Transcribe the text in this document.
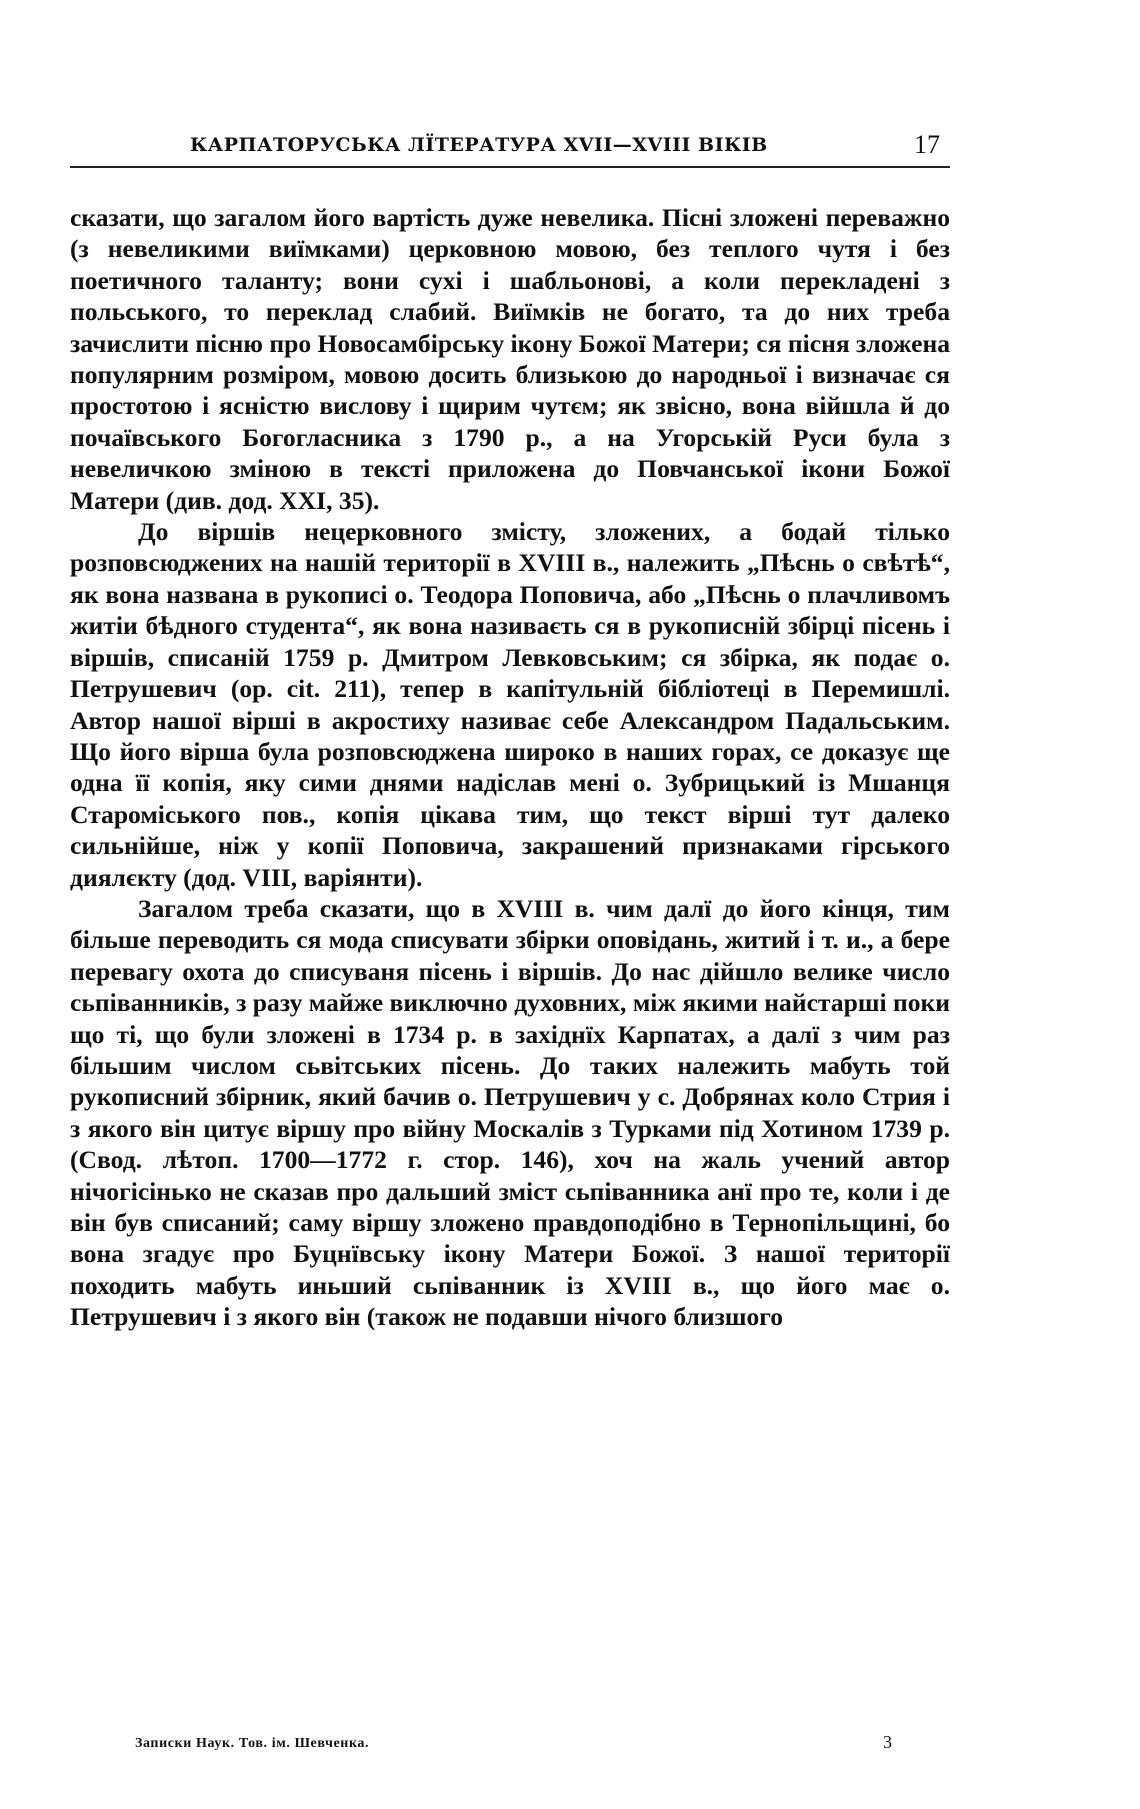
КАРПАТОРУСЬКА ЛЇТЕРАТУРА XVII—XVIII ВІКІВ	17

сказати, що загалом його вартість дуже невелика. Пісні зложені переважно (з невеликими виїмками) церковною мовою, без теплого чутя і без поетичного таланту; вони сухі і шабльонові, а коли перекладені з польського, то переклад слабий. Виїмків не богато, та до них треба зачислити пісню про Новосамбірську ікону Божої Матери; ся пісня зложена популярним розміром, мовою досить близькою до народньої і визначає ся простотою і ясністю вислову і щирим чутєм; як звісно, вона війшла й до почаївського Богогласника з 1790 р., а на Угорській Руси була з невеличкою зміною в тексті приложена до Повчанської ікони Божої Матери (див. дод. XXI, 35).

До віршів нецерковного змісту, зложених, а бодай тілько розповсюджених на нашій території в XVIII в., належить „Пѣснь о свѣтѣ“, як вона названа в рукописі о. Теодора Поповича, або „Пѣснь о плачливомъ житіи бѣдного студента“, як вона називаєть ся в рукописній збірці пісень і віршів, списаній 1759 р. Дмитром Левковським; ся збірка, як подає о. Петрушевич (op. cit. 211), тепер в капітульній бібліотеці в Перемишлі. Автор нашої вірші в акростиху називає себе Александром Падальським. Що його вірша була розповсюджена широко в наших горах, се доказує ще одна її копія, яку сими днями надіслав мені о. Зубрицький із Мшанця Староміського пов., копія цікава тим, що текст вірші тут далеко сильнійше, ніж у копії Поповича, закрашений признаками гірського диялєкту (дод. VIII, варіянти).

Загалом треба сказати, що в XVIII в. чим далї до його кінця, тим більше переводить ся мода списувати збірки оповідань, житий і т. и., а бере перевагу охота до списуваня пісень і віршів. До нас дійшло велике число сьпіванників, з разу майже виключно духовних, між якими найстарші поки що ті, що були зложені в 1734 р. в західнїх Карпатах, а далї з чим раз більшим числом сьвітських пісень. До таких належить мабуть той рукописний збірник, який бачив о. Петрушевич у с. Добрянах коло Стрия і з якого він цитує віршу про війну Москалів з Турками під Хотином 1739 р. (Свод. лѣтоп. 1700—1772 г. стор. 146), хоч на жаль учений автор нічогісінько не сказав про дальший зміст сьпіванника анї про те, коли і де він був списаний; саму віршу зложено правдоподібно в Тернопільщині, бо вона згадує про Буцнївську ікону Матери Божої. З нашої території походить мабуть иньший сьпіванник із XVIII в., що його має о. Петрушевич і з якого він (також не подавши нічого близшого

Записки Наук. Тов. ім. Шевченка.	3
